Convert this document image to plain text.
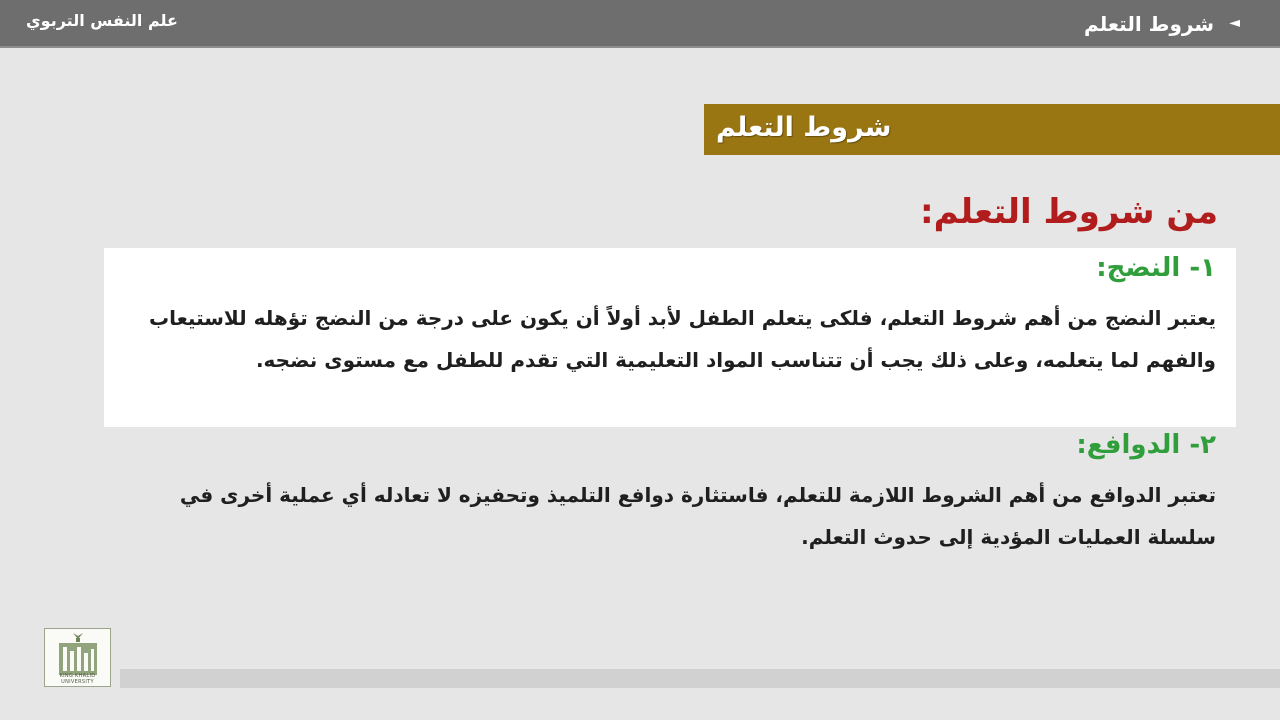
علم النفس التربوي	شروط التعلم ◄
شروط التعلم
من شروط التعلم:
١- النضج:
يعتبر النضج من أهم شروط التعلم، فلكى يتعلم الطفل لأبد أولاً أن يكون على درجة من النضج تؤهله للاستيعاب والفهم لما يتعلمه، وعلى ذلك يجب أن تتناسب المواد التعليمية التي تقدم للطفل مع مستوى نضجه.
٢- الدوافع:
تعتبر الدوافع من أهم الشروط اللازمة للتعلم، فاستثارة دوافع التلميذ وتحفيزه لا تعادله أي عملية أخرى في سلسلة العمليات المؤدية إلى حدوث التعلم.
KING KHALID UNIVERSITY
